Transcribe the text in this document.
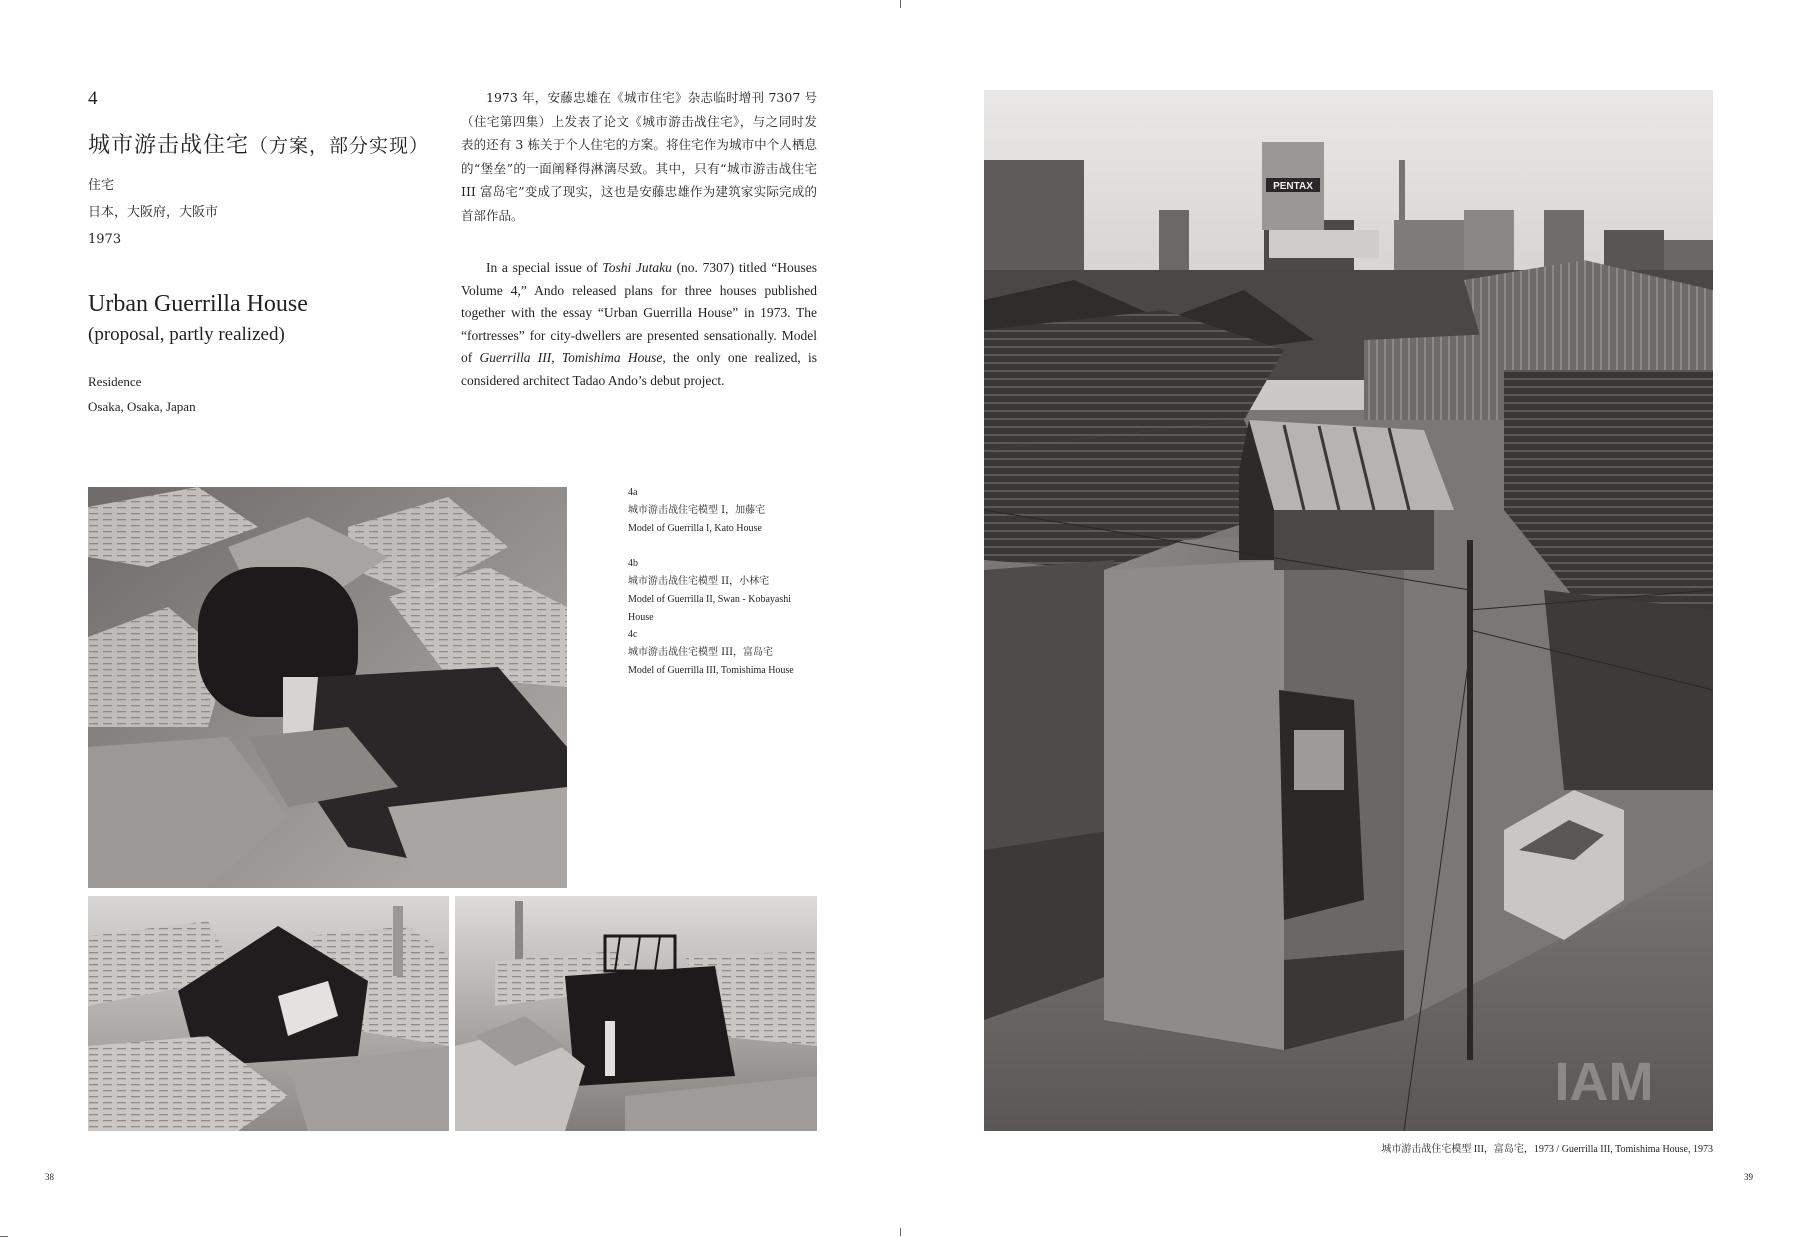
4
城市游击战住宅（方案，部分实现）
住宅
日本，大阪府，大阪市
1973
Urban Guerrilla House
(proposal, partly realized)
Residence
Osaka, Osaka, Japan

1973 年，安藤忠雄在《城市住宅》杂志临时增刊 7307 号（住宅第四集）上发表了论文《城市游击战住宅》，与之同时发表的还有 3 栋关于个人住宅的方案。将住宅作为城市中个人栖息的“堡垒”的一面阐释得淋漓尽致。其中，只有“城市游击战住宅 III 富岛宅”变成了现实，这也是安藤忠雄作为建筑家实际完成的首部作品。

In a special issue of Toshi Jutaku (no. 7307) titled “Houses Volume 4,” Ando released plans for three houses published together with the essay “Urban Guerrilla House” in 1973. The “fortresses” for city-dwellers are presented sensationally. Model of Guerrilla III, Tomishima House, the only one realized, is considered architect Tadao Ando’s debut project.

4a
城市游击战住宅模型 I，加藤宅
Model of Guerrilla I, Kato House
4b
城市游击战住宅模型 II，小林宅
Model of Guerrilla II, Swan - Kobayashi House
4c
城市游击战住宅模型 III，富岛宅
Model of Guerrilla III, Tomishima House
38
PENTAX
IAM
城市游击战住宅模型 III，富岛宅，1973 / Guerrilla III, Tomishima House, 1973
39
